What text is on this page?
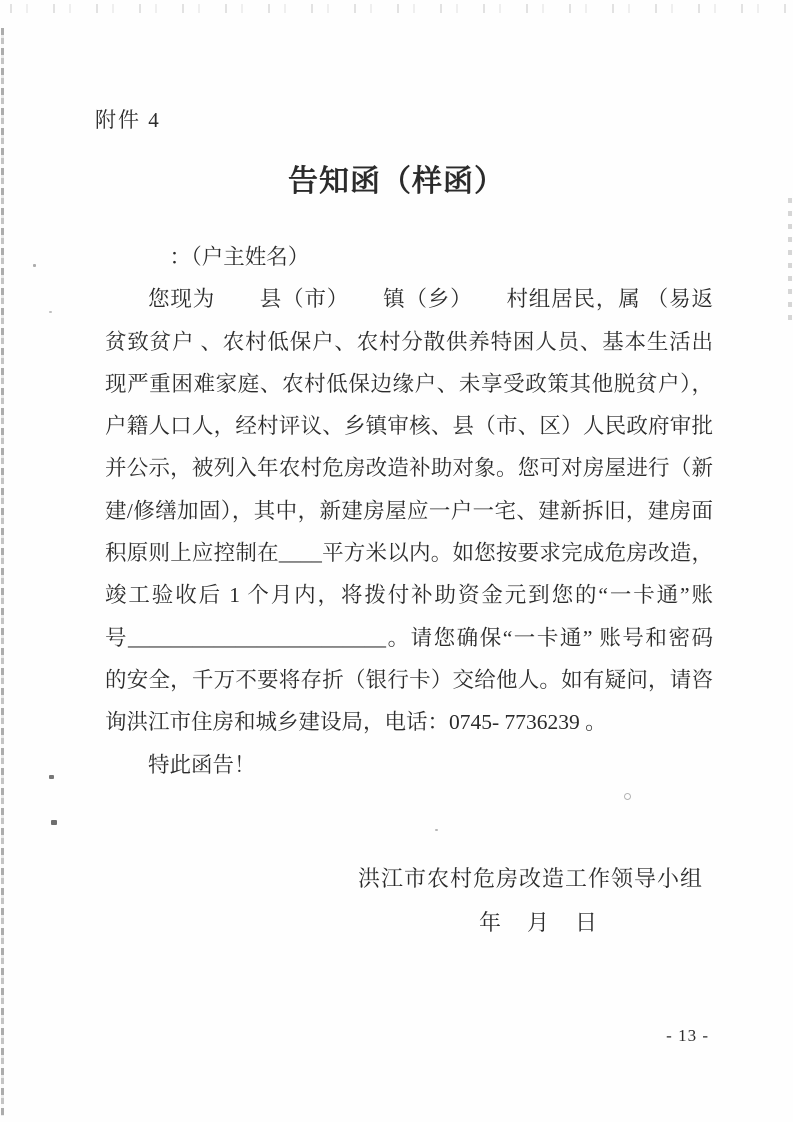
附件 4
告知函（样函）
：（户主姓名）
您现为　　县（市）　　镇（乡）　　村组居民，属 （易返
贫致贫户 、农村低保户、农村分散供养特困人员、基本生活出
现严重困难家庭、农村低保边缘户、未享受政策其他脱贫户），
户籍人口人，经村评议、乡镇审核、县（市、区）人民政府审批
并公示，被列入年农村危房改造补助对象。您可对房屋进行（新
建/修缮加固），其中，新建房屋应一户一宅、建新拆旧，建房面
积原则上应控制在____平方米以内。如您按要求完成危房改造，
竣工验收后 1 个月内，将拨付补助资金元到您的“一卡通”账
号________________________。请您确保“一卡通” 账号和密码
的安全，千万不要将存折（银行卡）交给他人。如有疑问，请咨
询洪江市住房和城乡建设局，电话：0745- 7736239 。
特此函告！
洪江市农村危房改造工作领导小组
年　月　日
- 13 -
